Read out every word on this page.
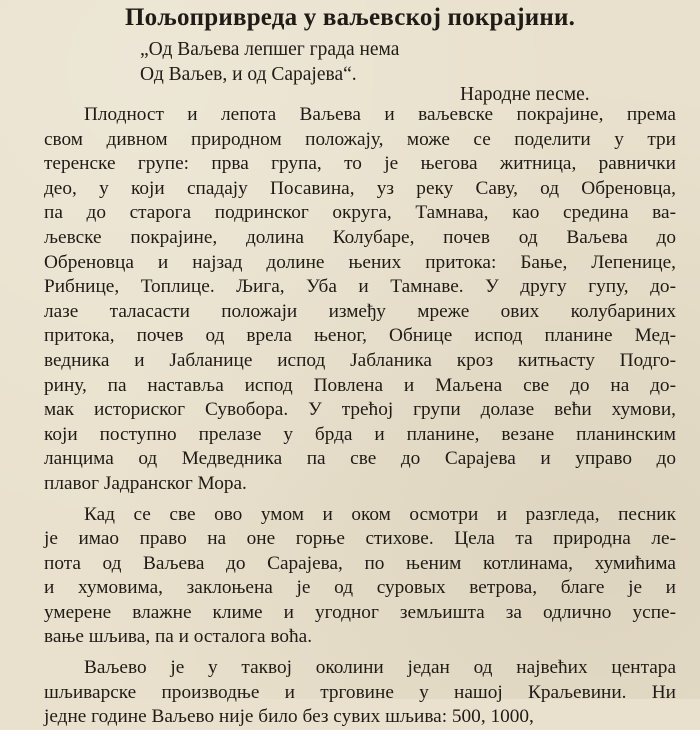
Пољопривреда у ваљевској покрајини.
„Од Ваљева лепшег града нема
Од Ваљев, и од Сарајева“.
Народне песме.
Плодност и лепота Ваљева и ваљевске покрајине, према
свом дивном природном положају, може се поделити у три
теренске групе: прва група, то је његова житница, равнички
део, у који спадају Посавина, уз реку Саву, од Обреновца,
па до старога подринског округа, Тамнава, као средина ва-
љевске покрајине, долина Колубаре, почев од Ваљева до
Обреновца и најзад долине њених притока: Бање, Лепенице,
Рибнице, Топлице. Љига, Уба и Тамнаве. У другу гупу, до-
лазе таласасти положаји између мреже ових колубариних
притока, почев од врела њеног, Обнице испод планине Мед-
ведника и Јабланице испод Јабланика кроз китњасту Подго-
рину, па наставља испод Повлена и Маљена све до на до-
мак историског Сувобора. У трећој групи долазе већи хумови,
који поступно прелазе у брда и планине, везане планинским
ланцима од Медведника па све до Сарајева и управо до
плавог Јадранског Мора.
Кад се све ово умом и оком осмотри и разгледа, песник
је имао право на оне горње стихове. Цела та природна ле-
пота од Ваљева до Сарајева, по њеним котлинама, хумићима
и хумовима, заклоњена је од суровых ветрова, благе је и
умерене влажне климе и угодног земљишта за одлично успе-
вање шљива, па и осталога воћа.
Ваљево је у таквој околини један од највећих центара
шљиварске производње и трговине у нашој Краљевини. Ни
једне године Ваљево није било без сувих шљива: 500, 1000,
